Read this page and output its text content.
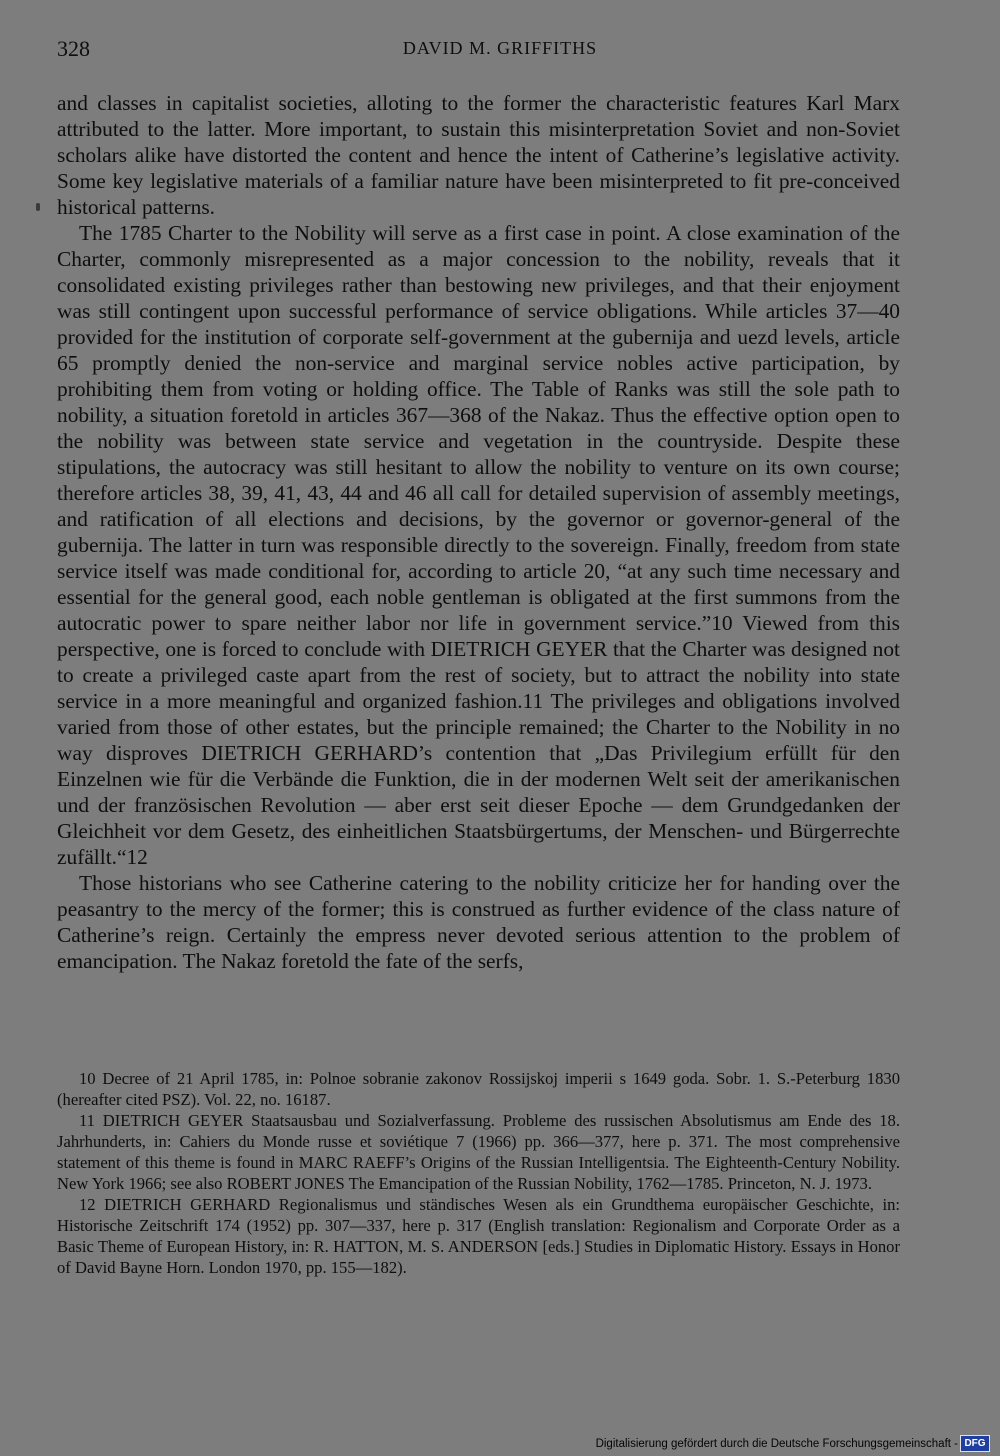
328	DAVID M. GRIFFITHS

and classes in capitalist societies, alloting to the former the characteristic features Karl Marx attributed to the latter. More important, to sustain this misinterpretation Soviet and non-Soviet scholars alike have distorted the content and hence the intent of Catherine’s legislative activity. Some key legislative materials of a familiar nature have been misinterpreted to fit pre-conceived historical patterns.

The 1785 Charter to the Nobility will serve as a first case in point. A close examination of the Charter, commonly misrepresented as a major concession to the nobility, reveals that it consolidated existing privileges rather than bestowing new privileges, and that their enjoyment was still contingent upon successful performance of service obligations. While articles 37—40 provided for the institution of corporate self-government at the gubernija and uezd levels, article 65 promptly denied the non-service and marginal service nobles active participation, by prohibiting them from voting or holding office. The Table of Ranks was still the sole path to nobility, a situation foretold in articles 367—368 of the Nakaz. Thus the effective option open to the nobility was between state service and vegetation in the countryside. Despite these stipulations, the autocracy was still hesitant to allow the nobility to venture on its own course; therefore articles 38, 39, 41, 43, 44 and 46 all call for detailed supervision of assembly meetings, and ratification of all elections and decisions, by the governor or governor-general of the gubernija. The latter in turn was responsible directly to the sovereign. Finally, freedom from state service itself was made conditional for, according to article 20, “at any such time necessary and essential for the general good, each noble gentleman is obligated at the first summons from the autocratic power to spare neither labor nor life in government service.”10 Viewed from this perspective, one is forced to conclude with DIETRICH GEYER that the Charter was designed not to create a privileged caste apart from the rest of society, but to attract the nobility into state service in a more meaningful and organized fashion.11 The privileges and obligations involved varied from those of other estates, but the principle remained; the Charter to the Nobility in no way disproves DIETRICH GERHARD’s contention that „Das Privilegium erfüllt für den Einzelnen wie für die Verbände die Funktion, die in der modernen Welt seit der amerikanischen und der französischen Revolution — aber erst seit dieser Epoche — dem Grundgedanken der Gleichheit vor dem Gesetz, des einheitlichen Staatsbürgertums, der Menschen- und Bürgerrechte zufällt.“12

Those historians who see Catherine catering to the nobility criticize her for handing over the peasantry to the mercy of the former; this is construed as further evidence of the class nature of Catherine’s reign. Certainly the empress never devoted serious attention to the problem of emancipation. The Nakaz foretold the fate of the serfs,

10 Decree of 21 April 1785, in: Polnoe sobranie zakonov Rossijskoj imperii s 1649 goda. Sobr. 1. S.-Peterburg 1830 (hereafter cited PSZ). Vol. 22, no. 16187.

11 DIETRICH GEYER Staatsausbau und Sozialverfassung. Probleme des russischen Absolutismus am Ende des 18. Jahrhunderts, in: Cahiers du Monde russe et soviétique 7 (1966) pp. 366—377, here p. 371. The most comprehensive statement of this theme is found in MARC RAEFF’s Origins of the Russian Intelligentsia. The Eighteenth-Century Nobility. New York 1966; see also ROBERT JONES The Emancipation of the Russian Nobility, 1762—1785. Princeton, N. J. 1973.

12 DIETRICH GERHARD Regionalismus und ständisches Wesen als ein Grundthema europäischer Geschichte, in: Historische Zeitschrift 174 (1952) pp. 307—337, here p. 317 (English translation: Regionalism and Corporate Order as a Basic Theme of European History, in: R. HATTON, M. S. ANDERSON [eds.] Studies in Diplomatic History. Essays in Honor of David Bayne Horn. London 1970, pp. 155—182).

Digitalisierung gefördert durch die Deutsche Forschungsgemeinschaft - DFG
